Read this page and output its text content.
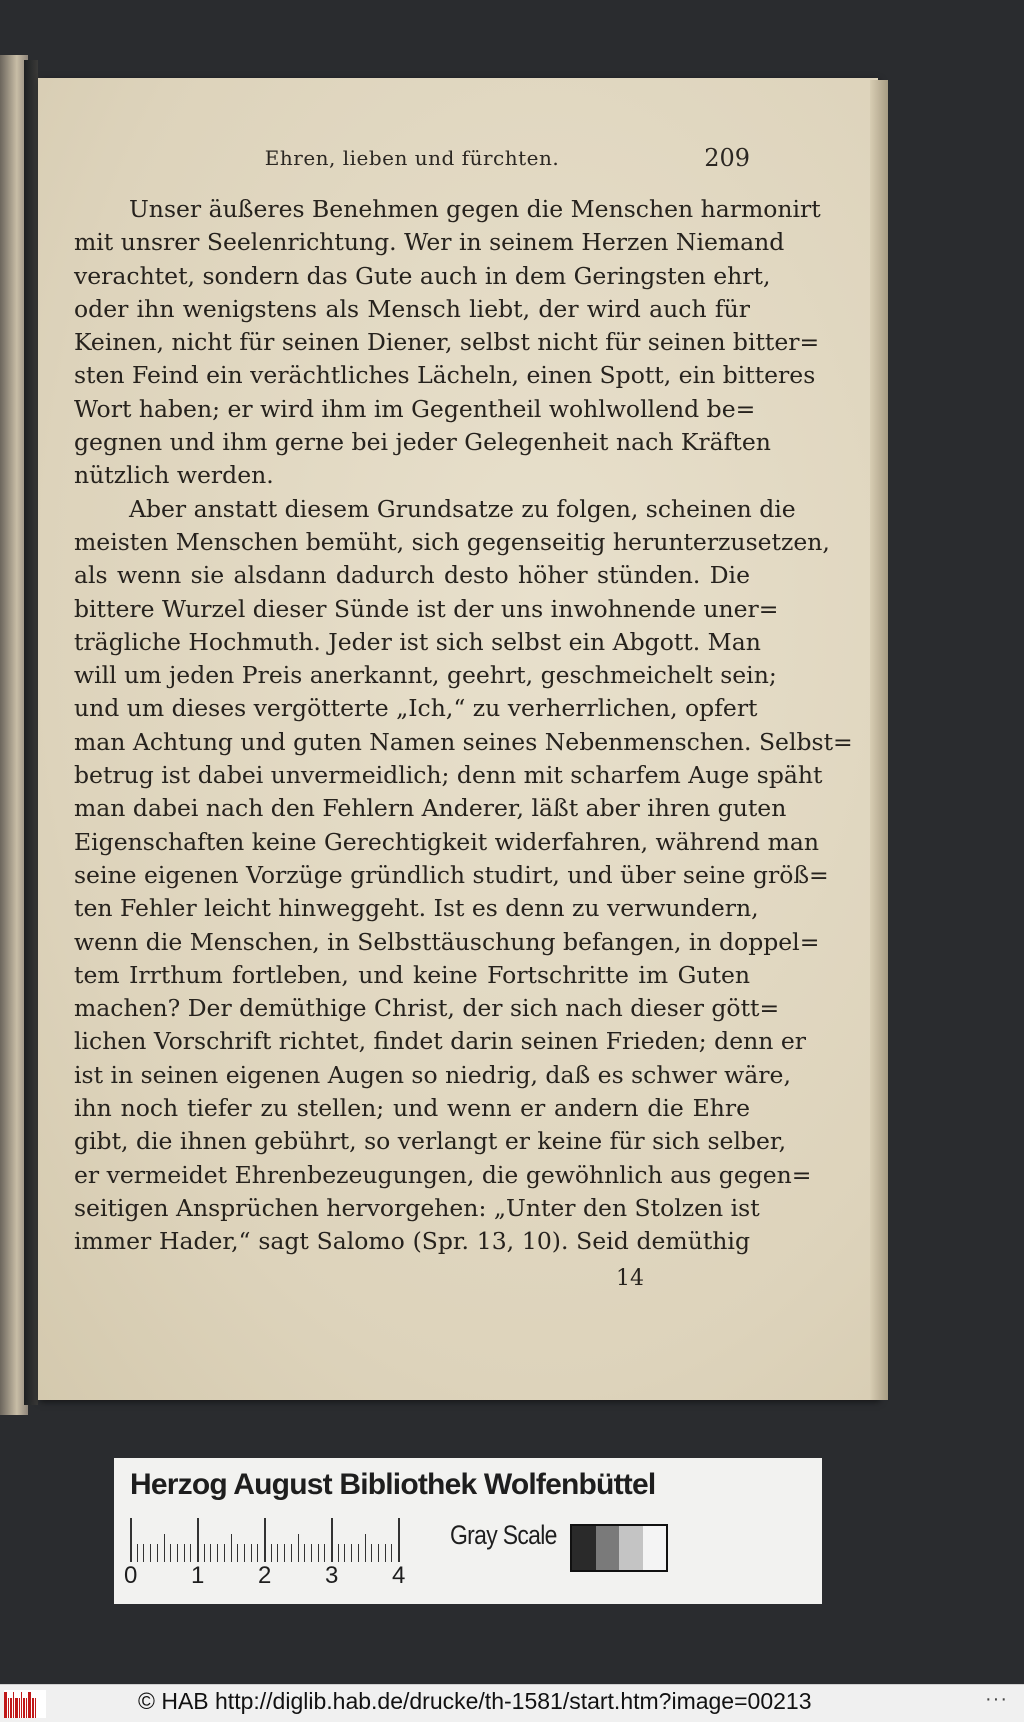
Ehren, lieben und fürchten.	209
Unser äußeres Benehmen gegen die Menschen harmonirt
mit unsrer Seelenrichtung. Wer in seinem Herzen Niemand
verachtet, sondern das Gute auch in dem Geringsten ehrt,
oder ihn wenigstens als Mensch liebt, der wird auch für
Keinen, nicht für seinen Diener, selbst nicht für seinen bitter=
sten Feind ein verächtliches Lächeln, einen Spott, ein bitteres
Wort haben; er wird ihm im Gegentheil wohlwollend be=
gegnen und ihm gerne bei jeder Gelegenheit nach Kräften
nützlich werden.
Aber anstatt diesem Grundsatze zu folgen, scheinen die
meisten Menschen bemüht, sich gegenseitig herunterzusetzen,
als wenn sie alsdann dadurch desto höher stünden. Die
bittere Wurzel dieser Sünde ist der uns inwohnende uner=
trägliche Hochmuth. Jeder ist sich selbst ein Abgott. Man
will um jeden Preis anerkannt, geehrt, geschmeichelt sein;
und um dieses vergötterte „Ich,“ zu verherrlichen, opfert
man Achtung und guten Namen seines Nebenmenschen. Selbst=
betrug ist dabei unvermeidlich; denn mit scharfem Auge späht
man dabei nach den Fehlern Anderer, läßt aber ihren guten
Eigenschaften keine Gerechtigkeit widerfahren, während man
seine eigenen Vorzüge gründlich studirt, und über seine größ=
ten Fehler leicht hinweggeht. Ist es denn zu verwundern,
wenn die Menschen, in Selbsttäuschung befangen, in doppel=
tem Irrthum fortleben, und keine Fortschritte im Guten
machen? Der demüthige Christ, der sich nach dieser gött=
lichen Vorschrift richtet, findet darin seinen Frieden; denn er
ist in seinen eigenen Augen so niedrig, daß es schwer wäre,
ihn noch tiefer zu stellen; und wenn er andern die Ehre
gibt, die ihnen gebührt, so verlangt er keine für sich selber,
er vermeidet Ehrenbezeugungen, die gewöhnlich aus gegen=
seitigen Ansprüchen hervorgehen: „Unter den Stolzen ist
immer Hader,“ sagt Salomo (Spr. 13, 10). Seid demüthig
14
Herzog August Bibliothek Wolfenbüttel
0 1 2 3 4
Gray Scale
© HAB http://diglib.hab.de/drucke/th-1581/start.htm?image=00213	···
